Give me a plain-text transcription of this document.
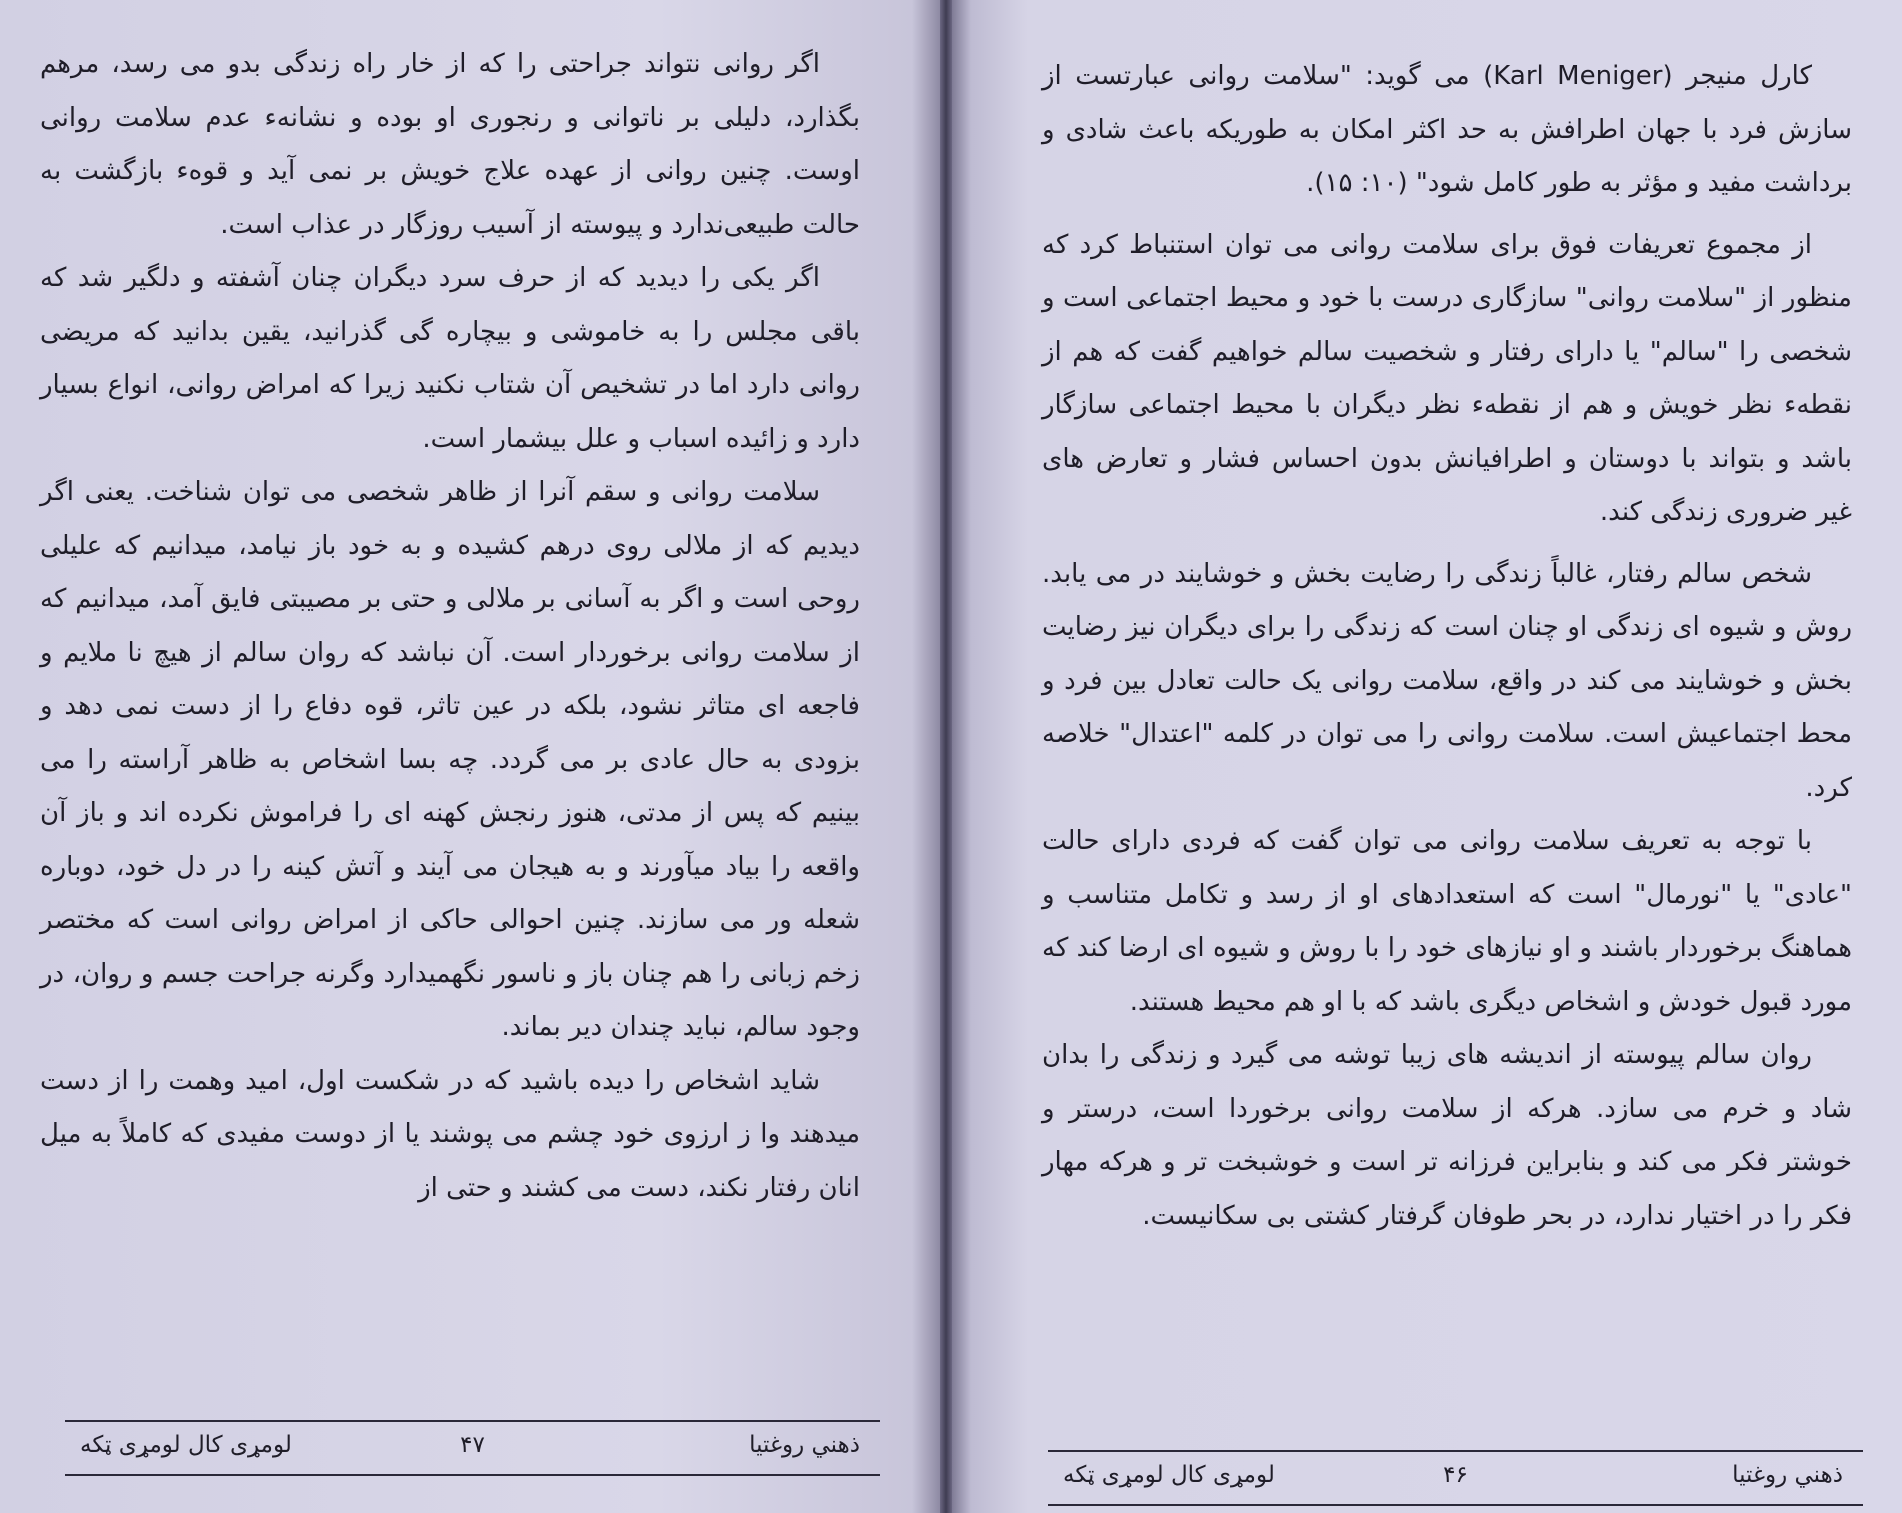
اگر روانی نتواند جراحتی را که از خار راه زندگی بدو می رسد، مرهم بگذارد، دلیلی بر ناتوانی و رنجوری او بوده و نشانهء عدم سلامت روانی اوست. چنین روانی از عهده علاج خویش بر نمی آید و قوهء بازگشت به حالت طبیعی‌ندارد و پیوسته از آسیب روزگار در عذاب است.

اگر یکی را دیدید که از حرف سرد دیگران چنان آشفته و دلگیر شد که باقی مجلس را به خاموشی و بیچاره گی گذرانید، یقین بدانید که مریضی روانی دارد اما در تشخیص آن شتاب نکنید زیرا که امراض روانی، انواع بسیار دارد و زائیده اسباب و علل بیشمار است.

سلامت روانی و سقم آنرا از ظاهر شخصی می توان شناخت. یعنی اگر دیدیم که از ملالی روی درهم کشیده و به خود باز نیامد، میدانیم که علیلی روحی است و اگر به آسانی بر ملالی و حتی بر مصیبتی فایق آمد، میدانیم که از سلامت روانی برخوردار است. آن نباشد که روان سالم از هیچ نا ملایم و فاجعه ای متاثر نشود، بلکه در عین تاثر، قوه دفاع را از دست نمی دهد و بزودی به حال عادی بر می گردد. چه بسا اشخاص به ظاهر آراسته را می بینیم که پس از مدتی، هنوز رنجش کهنه ای را فراموش نکرده اند و باز آن واقعه را بیاد میآورند و به هیجان می آیند و آتش کینه را در دل خود، دوباره شعله ور می سازند. چنین احوالی حاکی از امراض روانی است که مختصر زخم زبانی را هم چنان باز و ناسور نگهمیدارد وگرنه جراحت جسم و روان، در وجود سالم، نباید چندان دیر بماند.

شاید اشخاص را دیده باشید که در شکست اول، امید وهمت را از دست میدهند وا ز ارزوی خود چشم می پوشند یا از دوست مفیدی که کاملاً به میل انان رفتار نکند، دست می کشند و حتی از

ذهني روغتيا
۴۷
لومړی کال لومړی ټکه

کارل منیجر (Karl Meniger) می گوید: "سلامت روانی عبارتست از سازش فرد با جهان اطرافش به حد اکثر امکان به طوریکه باعث شادی و برداشت مفید و مؤثر به طور کامل شود" (۱۰: ۱۵).

از مجموع تعریفات فوق برای سلامت روانی می توان استنباط کرد که منظور از "سلامت روانی" سازگاری درست با خود و محیط اجتماعی است و شخصی را "سالم" یا دارای رفتار و شخصیت سالم خواهیم گفت که هم از نقطهء نظر خویش و هم از نقطهء نظر دیگران با محیط اجتماعی سازگار باشد و بتواند با دوستان و اطرافیانش بدون احساس فشار و تعارض های غیر ضروری زندگی کند.

شخص سالم رفتار، غالباً زندگی را رضایت بخش و خوشایند در می یابد. روش و شیوه ای زندگی او چنان است که زندگی را برای دیگران نیز رضایت بخش و خوشایند می کند در واقع، سلامت روانی یک حالت تعادل بین فرد و محط اجتماعیش است. سلامت روانی را می توان در کلمه "اعتدال" خلاصه کرد.

با توجه به تعریف سلامت روانی می توان گفت که فردی دارای حالت "عادی" یا "نورمال" است که استعدادهای او از رسد و تکامل متناسب و هماهنگ برخوردار باشند و او نیازهای خود را با روش و شیوه ای ارضا کند که مورد قبول خودش و اشخاص دیگری باشد که با او هم محیط هستند.

روان سالم پیوسته از اندیشه های زیبا توشه می گیرد و زندگی را بدان شاد و خرم می سازد. هرکه از سلامت روانی برخوردا است، درستر و خوشتر فکر می کند و بنابراین فرزانه تر است و خوشبخت تر و هرکه مهار فکر را در اختیار ندارد، در بحر طوفان گرفتار کشتی بی سکانیست.

ذهني روغتيا
۴۶
لومړی کال لومړی ټکه
